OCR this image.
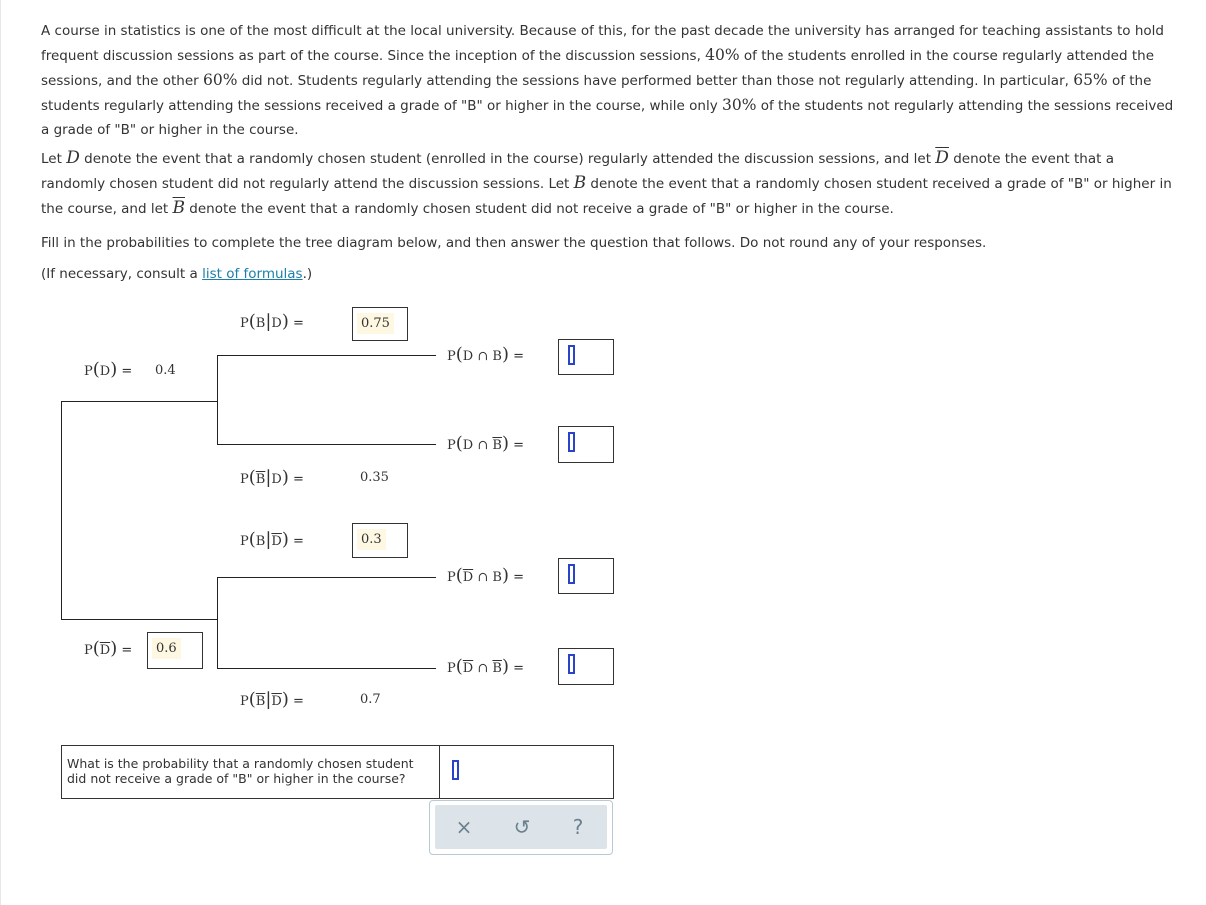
A course in statistics is one of the most difficult at the local university. Because of this, for the past decade the university has arranged for teaching assistants to hold frequent discussion sessions as part of the course. Since the inception of the discussion sessions, 40% of the students enrolled in the course regularly attended the sessions, and the other 60% did not. Students regularly attending the sessions have performed better than those not regularly attending. In particular, 65% of the students regularly attending the sessions received a grade of "B" or higher in the course, while only 30% of the students not regularly attending the sessions received a grade of "B" or higher in the course.

Let D denote the event that a randomly chosen student (enrolled in the course) regularly attended the discussion sessions, and let $\overline{D}$ denote the event that a randomly chosen student did not regularly attend the discussion sessions. Let B denote the event that a randomly chosen student received a grade of "B" or higher in the course, and let $\overline{B}$ denote the event that a randomly chosen student did not receive a grade of "B" or higher in the course.

Fill in the probabilities to complete the tree diagram below, and then answer the question that follows. Do not round any of your responses.

(If necessary, consult a list of formulas.)

P(D) = 0.4
$P(\overline{D})$ =	0.6
P(B|D) =	0.75
$P(\overline{B}|D)$ =	0.35
$P(B|\overline{D})$ =	0.3
$P(\overline{B}|\overline{D})$ =	0.7
P(D ∩ B) =
P(D ∩ $\overline{B}$) =
$P(\overline{D}$ ∩ B) =
$P(\overline{D}$ ∩ $\overline{B}$) =
What is the probability that a randomly chosen student did not receive a grade of "B" or higher in the course?
×	↺	?
